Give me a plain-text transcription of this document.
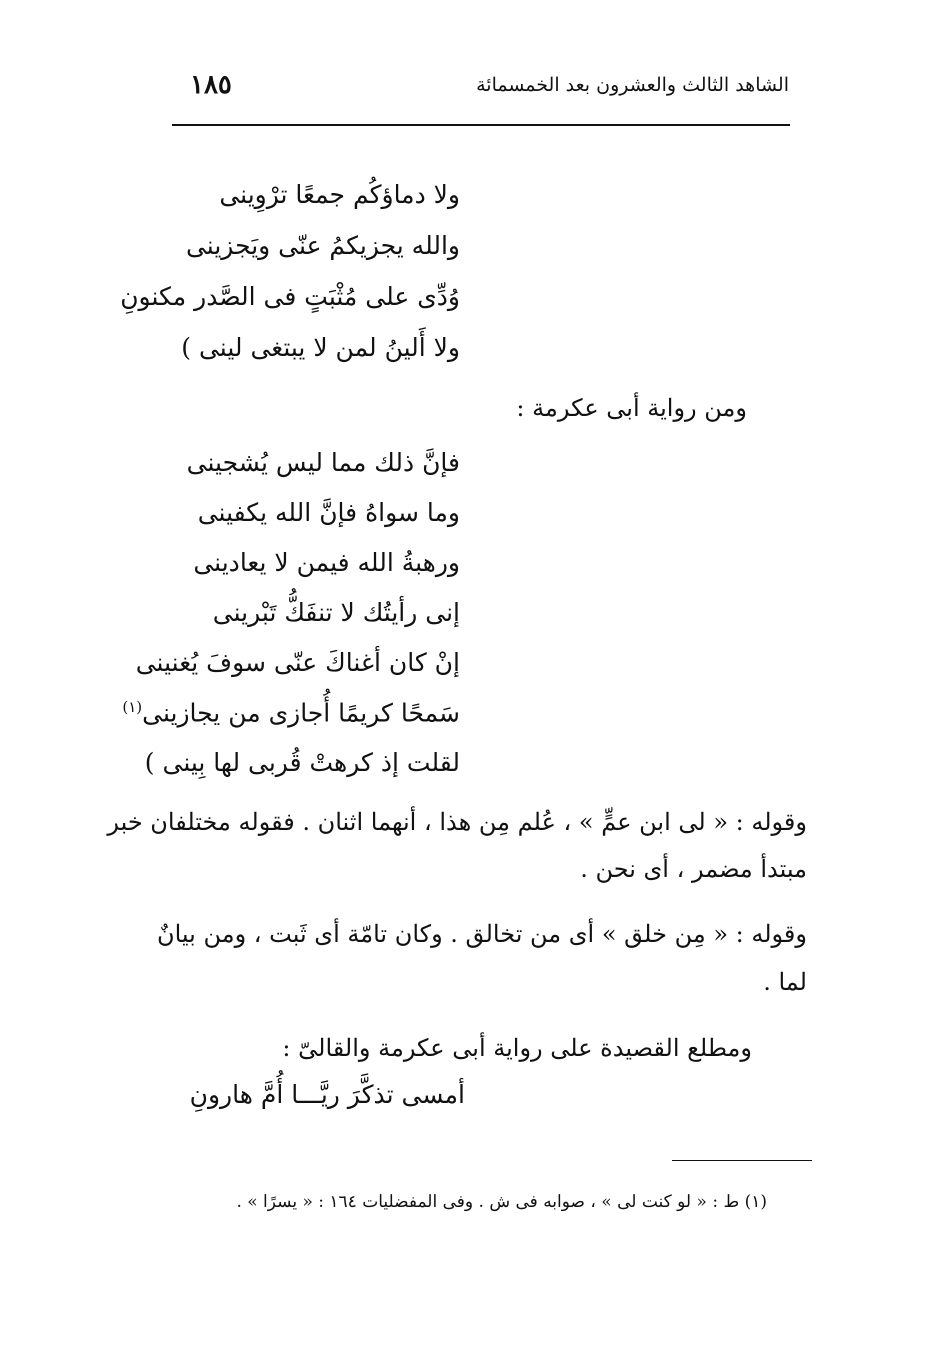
الشاهد الثالث والعشرون بعد الخمسمائة
١٨٥
ولا دماؤكُم جمعًا ترْوِينى
والله يجزيكمُ عنّى ويَجزينى
وُدِّى على مُثْبَتٍ فى الصَّدر مكنونِ
ولا أَلينُ لمن لا يبتغى لينى )
ومن رواية أبى عكرمة :
فإنَّ ذلك مما ليس يُشجينى
وما سواهُ فإنَّ الله يكفينى
ورهبةُ الله فيمن لا يعادينى
إنى رأيتُك لا تنفَكُّ تَبْرينى
إنْ كان أغناكَ عنّى سوفَ يُغنينى
سَمحًا كريمًا أُجازى من يجازينى$^{(١)}$
لقلت إذ كرهتْ قُربى لها بِينى )
وقوله : « لى ابن عمٍّ » ، عُلم مِن هذا ، أنهما اثنان . فقوله مختلفان خبر
مبتدأ مضمر ، أى نحن .
وقوله : « مِن خلق » أى من تخالق . وكان تامّة أى ثَبت ، ومن بيانٌ
لما .
ومطلع القصيدة على رواية أبى عكرمة والقالىّ :
أمسى تذكَّرَ ريَّـــا أُمَّ هارونِ
(١) ط : « لو كنت لى » ، صوابه فى ش . وفى المفضليات ١٦٤ : « يسرًا » .
